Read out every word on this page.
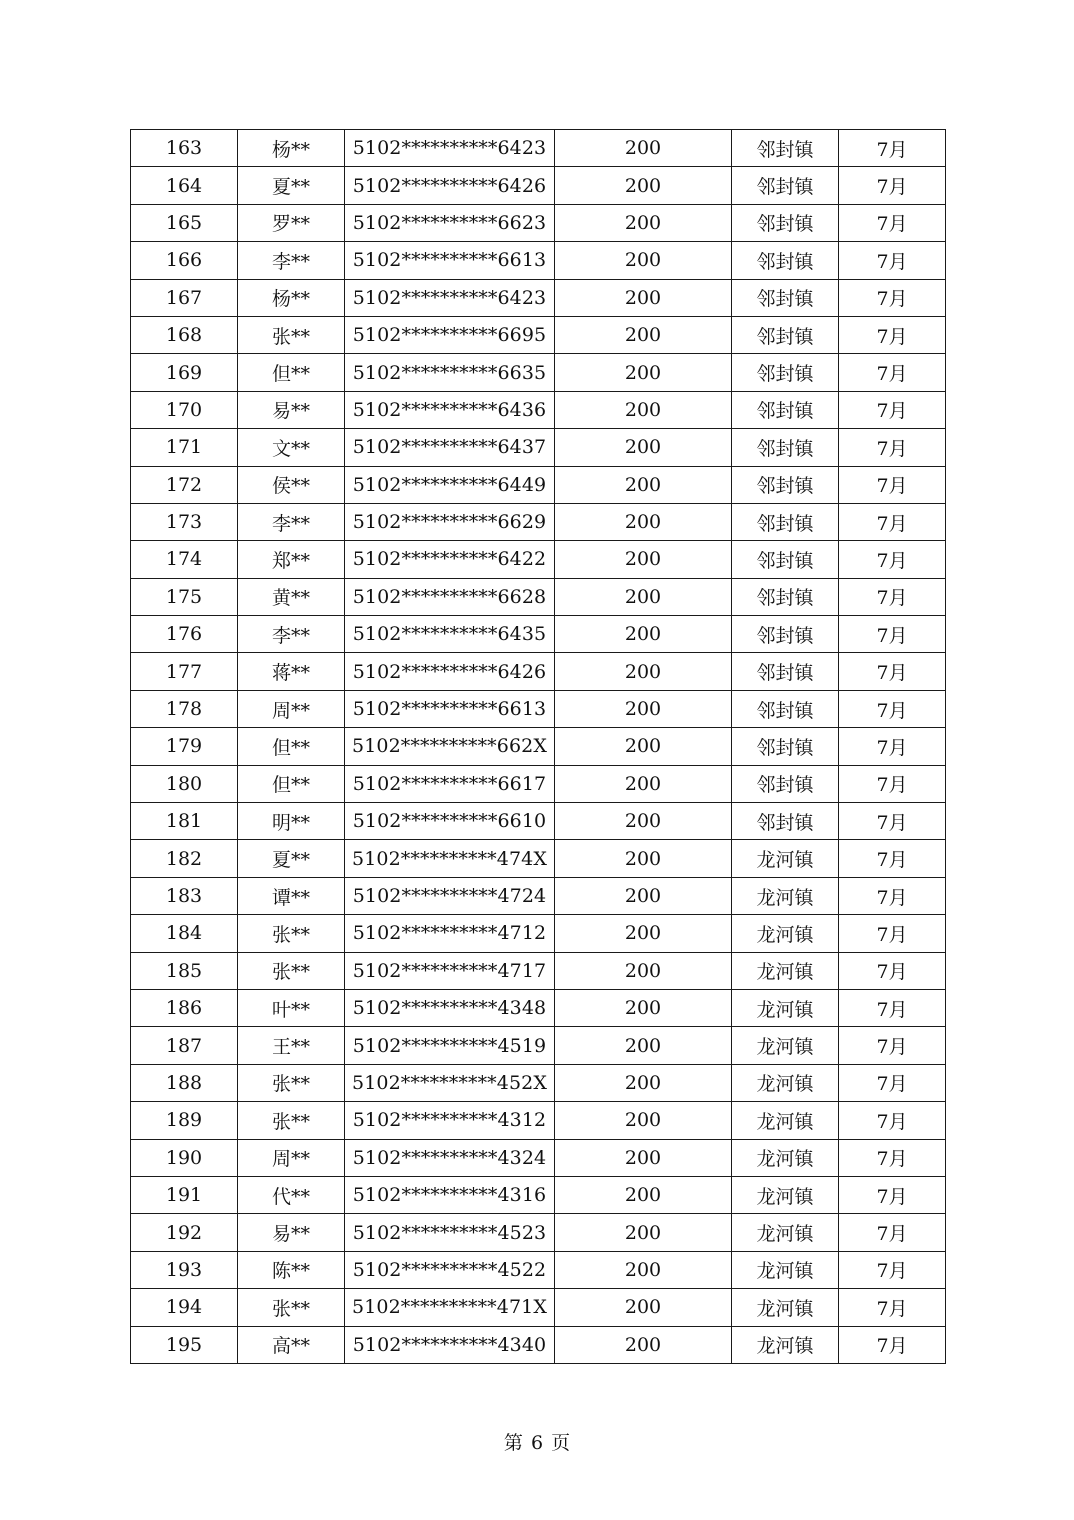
163	杨**	5102**********6423	200	邻封镇	7月
164	夏**	5102**********6426	200	邻封镇	7月
165	罗**	5102**********6623	200	邻封镇	7月
166	李**	5102**********6613	200	邻封镇	7月
167	杨**	5102**********6423	200	邻封镇	7月
168	张**	5102**********6695	200	邻封镇	7月
169	但**	5102**********6635	200	邻封镇	7月
170	易**	5102**********6436	200	邻封镇	7月
171	文**	5102**********6437	200	邻封镇	7月
172	侯**	5102**********6449	200	邻封镇	7月
173	李**	5102**********6629	200	邻封镇	7月
174	郑**	5102**********6422	200	邻封镇	7月
175	黄**	5102**********6628	200	邻封镇	7月
176	李**	5102**********6435	200	邻封镇	7月
177	蒋**	5102**********6426	200	邻封镇	7月
178	周**	5102**********6613	200	邻封镇	7月
179	但**	5102**********662X	200	邻封镇	7月
180	但**	5102**********6617	200	邻封镇	7月
181	明**	5102**********6610	200	邻封镇	7月
182	夏**	5102**********474X	200	龙河镇	7月
183	谭**	5102**********4724	200	龙河镇	7月
184	张**	5102**********4712	200	龙河镇	7月
185	张**	5102**********4717	200	龙河镇	7月
186	叶**	5102**********4348	200	龙河镇	7月
187	王**	5102**********4519	200	龙河镇	7月
188	张**	5102**********452X	200	龙河镇	7月
189	张**	5102**********4312	200	龙河镇	7月
190	周**	5102**********4324	200	龙河镇	7月
191	代**	5102**********4316	200	龙河镇	7月
192	易**	5102**********4523	200	龙河镇	7月
193	陈**	5102**********4522	200	龙河镇	7月
194	张**	5102**********471X	200	龙河镇	7月
195	高**	5102**********4340	200	龙河镇	7月
第 6 页
